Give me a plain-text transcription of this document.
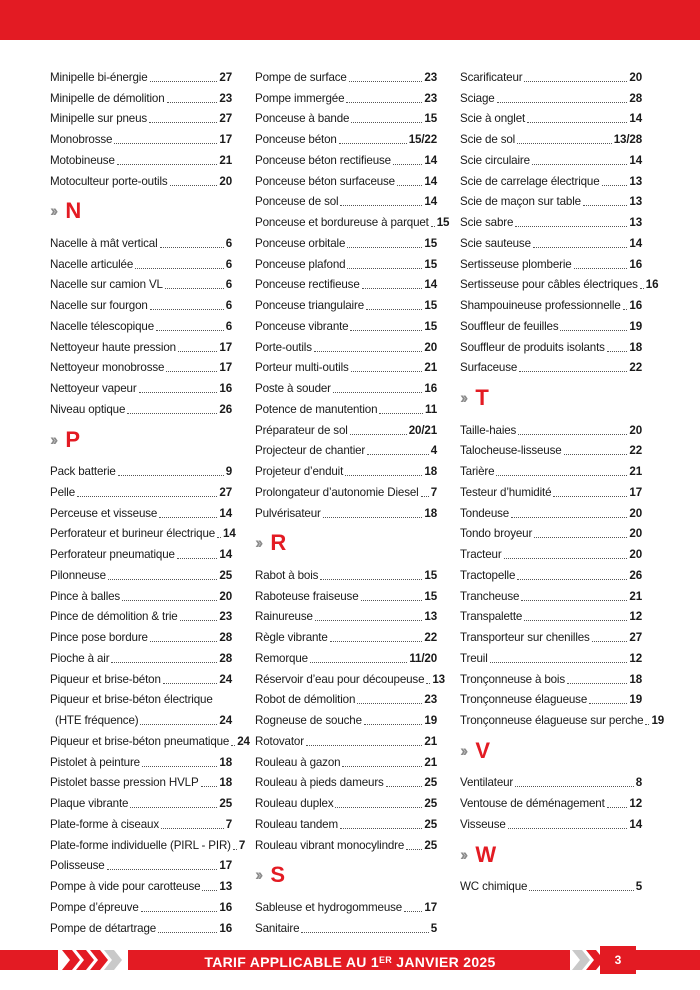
Minipelle bi-énergie	27
Minipelle de démolition	23
Minipelle sur pneus	27
Monobrosse	17
Motobineuse	21
Motoculteur porte-outils	20
›› N
Nacelle à mât vertical	6
Nacelle articulée	6
Nacelle sur camion VL	6
Nacelle sur fourgon	6
Nacelle télescopique	6
Nettoyeur haute pression	17
Nettoyeur monobrosse	17
Nettoyeur vapeur	16
Niveau optique	26
›› P
Pack batterie	9
Pelle	27
Perceuse et visseuse	14
Perforateur et burineur électrique 14
Perforateur pneumatique	14
Pilonneuse	25
Pince à balles	20
Pince de démolition & trie	23
Pince pose bordure	28
Pioche à air	28
Piqueur et brise-béton	24
Piqueur et brise-béton électrique
(HTE fréquence)	24
Piqueur et brise-béton pneumatique 24
Pistolet à peinture	18
Pistolet basse pression HVLP 18
Plaque vibrante	25
Plate-forme à ciseaux	7
Plate-forme individuelle (PIRL - PIR) 7
Polisseuse	17
Pompe à vide pour carotteuse 13
Pompe d’épreuve	16
Pompe de détartrage	16
Pompe de surface	23
Pompe immergée	23
Ponceuse à bande	15
Ponceuse béton	15/22
Ponceuse béton rectifieuse	14
Ponceuse béton surfaceuse	14
Ponceuse de sol	14
Ponceuse et bordureuse à parquet 15
Ponceuse orbitale	15
Ponceuse plafond	15
Ponceuse rectifieuse	14
Ponceuse triangulaire	15
Ponceuse vibrante	15
Porte-outils	20
Porteur multi-outils	21
Poste à souder	16
Potence de manutention	11
Préparateur de sol	20/21
Projecteur de chantier	4
Projeteur d’enduit	18
Prolongateur d’autonomie Diesel 7
Pulvérisateur	18
›› R
Rabot à bois	15
Raboteuse fraiseuse	15
Rainureuse	13
Règle vibrante	22
Remorque	11/20
Réservoir d’eau pour découpeuse 13
Robot de démolition	23
Rogneuse de souche	19
Rotovator	21
Rouleau à gazon	21
Rouleau à pieds dameurs	25
Rouleau duplex	25
Rouleau tandem	25
Rouleau vibrant monocylindre 25
›› S
Sableuse et hydrogommeuse 17
Sanitaire	5
Scarificateur	20
Sciage	28
Scie à onglet	14
Scie de sol	13/28
Scie circulaire	14
Scie de carrelage électrique	13
Scie de maçon sur table	13
Scie sabre	13
Scie sauteuse	14
Sertisseuse plomberie	16
Sertisseuse pour câbles électriques 16
Shampouineuse professionnelle 16
Souffleur de feuilles	19
Souffleur de produits isolants 18
Surfaceuse	22
›› T
Taille-haies	20
Talocheuse-lisseuse	22
Tarière	21
Testeur d’humidité	17
Tondeuse	20
Tondo broyeur	20
Tracteur	20
Tractopelle	26
Trancheuse	21
Transpalette	12
Transporteur sur chenilles	27
Treuil	12
Tronçonneuse à bois	18
Tronçonneuse élagueuse	19
Tronçonneuse élagueuse sur perche 19
›› V
Ventilateur	8
Ventouse de déménagement 12
Visseuse	14
›› W
WC chimique	5
TARIF APPLICABLE AU 1ER JANVIER 2025	3
